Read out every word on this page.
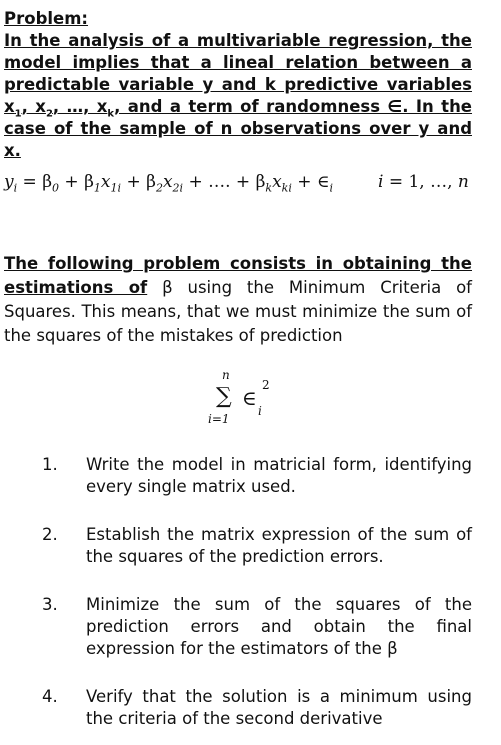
Problem:
In the analysis of a multivariable regression, the model implies that a lineal relation between a predictable variable y and k predictive variables $x_1$, $x_2$, …, $x_k$, and a term of randomness ∈. In the case of the sample of n observations over y and x.
$y_i = \beta_0 + \beta_1x_{1i} + \beta_2x_{2i}$ + …. + $\beta_kx_{ki}$ + $\in_i$	i = 1, …, n
The following problem consists in obtaining the estimations of β using the Minimum Criteria of Squares. This means, that we must minimize the sum of the squares of the mistakes of prediction
n
∑
i=1
∈
2
i
1. Write the model in matricial form, identifying every single matrix used.
2. Establish the matrix expression of the sum of the squares of the prediction errors.
3. Minimize the sum of the squares of the prediction errors and obtain the final expression for the estimators of the β
4. Verify that the solution is a minimum using the criteria of the second derivative
